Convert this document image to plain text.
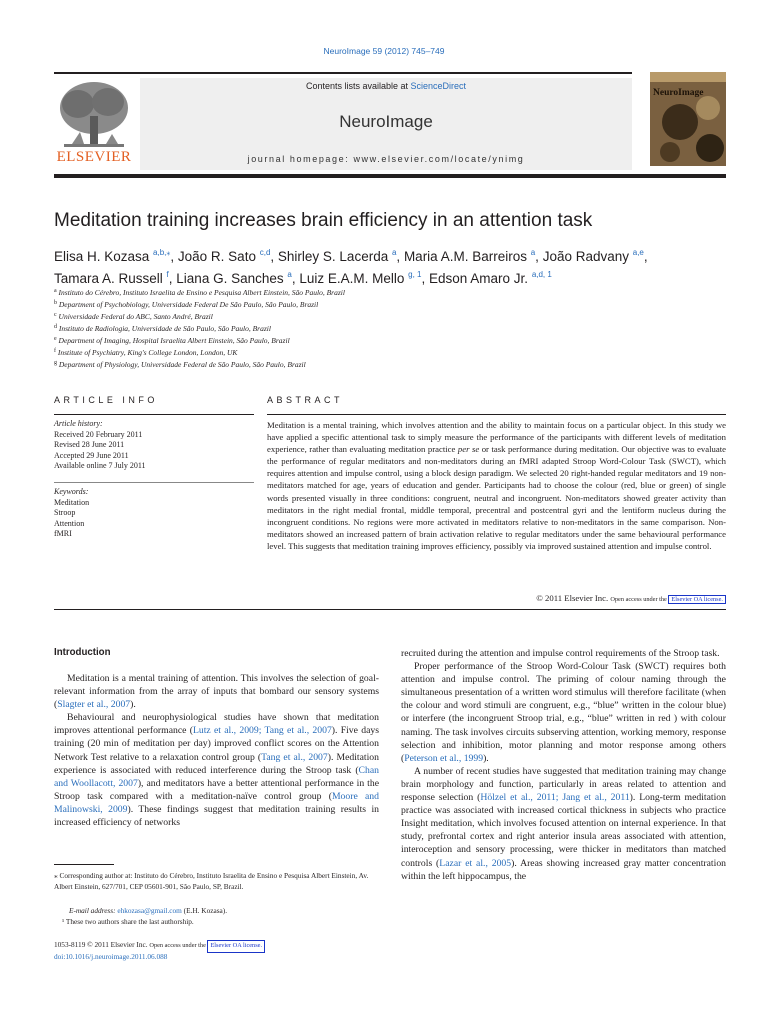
NeuroImage 59 (2012) 745–749
ELSEVIER
Contents lists available at ScienceDirect
NeuroImage
journal homepage: www.elsevier.com/locate/ynimg
NeuroImage
Meditation training increases brain efficiency in an attention task
Elisa H. Kozasa $^{a,b,⁎}$, João R. Sato $^{c,d}$, Shirley S. Lacerda $^a$, Maria A.M. Barreiros $^a$, João Radvany $^{a,e}$,
Tamara A. Russell $^f$, Liana G. Sanches $^a$, Luiz E.A.M. Mello $^{g, 1}$, Edson Amaro Jr. $^{a,d, 1}$
$^a$ Instituto do Cérebro, Instituto Israelita de Ensino e Pesquisa Albert Einstein, São Paulo, Brazil
$^b$ Department of Psychobiology, Universidade Federal De São Paulo, São Paulo, Brazil
$^c$ Universidade Federal do ABC, Santo André, Brazil
$^d$ Instituto de Radiologia, Universidade de São Paulo, São Paulo, Brazil
$^e$ Department of Imaging, Hospital Israelita Albert Einstein, São Paulo, Brazil
$^f$ Institute of Psychiatry, King's College London, London, UK
$^g$ Department of Physiology, Universidade Federal de São Paulo, São Paulo, Brazil
ARTICLE INFO	ABSTRACT
Article history:
Received 20 February 2011
Revised 28 June 2011
Accepted 29 June 2011
Available online 7 July 2011
Keywords:
Meditation
Stroop
Attention
fMRI
Meditation is a mental training, which involves attention and the ability to maintain focus on a particular object. In this study we have applied a specific attentional task to simply measure the performance of the participants with different levels of meditation experience, rather than evaluating meditation practice per se or task performance during meditation. Our objective was to evaluate the performance of regular meditators and non-meditators during an fMRI adapted Stroop Word-Colour Task (SWCT), which requires attention and impulse control, using a block design paradigm. We selected 20 right-handed regular meditators and 19 non-meditators matched for age, years of education and gender. Participants had to choose the colour (red, blue or green) of single words presented visually in three conditions: congruent, neutral and incongruent. Non-meditators showed greater activity than meditators in the right medial frontal, middle temporal, precentral and postcentral gyri and the lentiform nucleus during the incongruent conditions. No regions were more activated in meditators relative to non-meditators in the same comparison. Non-meditators showed an increased pattern of brain activation relative to regular meditators under the same behavioural performance level. This suggests that meditation training improves efficiency, possibly via improved sustained attention and impulse control.
© 2011 Elsevier Inc. Open access under the Elsevier OA license.
Introduction

Meditation is a mental training of attention. This involves the selection of goal-relevant information from the array of inputs that bombard our sensory systems (Slagter et al., 2007).

Behavioural and neurophysiological studies have shown that meditation improves attentional performance (Lutz et al., 2009; Tang et al., 2007). Five days training (20 min of meditation per day) improved conflict scores on the Attention Network Test relative to a relaxation control group (Tang et al., 2007). Meditation experience is associated with reduced interference during the Stroop task (Chan and Woollacott, 2007), and meditators have a better attentional performance in the Stroop task compared with a meditation-naïve control group (Moore and Malinowski, 2009). These findings suggest that meditation training results in increased efficiency of networks

recruited during the attention and impulse control requirements of the Stroop task.

Proper performance of the Stroop Word-Colour Task (SWCT) requires both attention and impulse control. The priming of colour naming through the simultaneous presentation of a written word stimulus will therefore facilitate (when the colour and word stimuli are congruent, e.g., “blue” written in the colour blue) or interfere (the incongruent Stroop trial, e.g., “blue” written in red ) with colour naming. The task involves circuits subserving attention, working memory, response selection and inhibition, motor planning and motor response among others (Peterson et al., 1999).

A number of recent studies have suggested that meditation training may change brain morphology and function, particularly in areas related to attention and response selection (Hölzel et al., 2011; Jang et al., 2011). Long-term meditation practice was associated with increased cortical thickness in subjects who practice Insight meditation, which involves focused attention on internal experience. In that study, prefrontal cortex and right anterior insula areas associated with attention, interoception and sensory processing, were thicker in meditators than matched controls (Lazar et al., 2005). Areas showing increased gray matter concentration within the left hippocampus, the

⁎ Corresponding author at: Instituto do Cérebro, Instituto Israelita de Ensino e Pesquisa Albert Einstein, Av. Albert Einstein, 627/701, CEP 05601-901, São Paulo, SP, Brazil.
E-mail address: ehkozasa@gmail.com (E.H. Kozasa).
¹ These two authors share the last authorship.
1053-8119 © 2011 Elsevier Inc. Open access under the Elsevier OA license.
doi:10.1016/j.neuroimage.2011.06.088
